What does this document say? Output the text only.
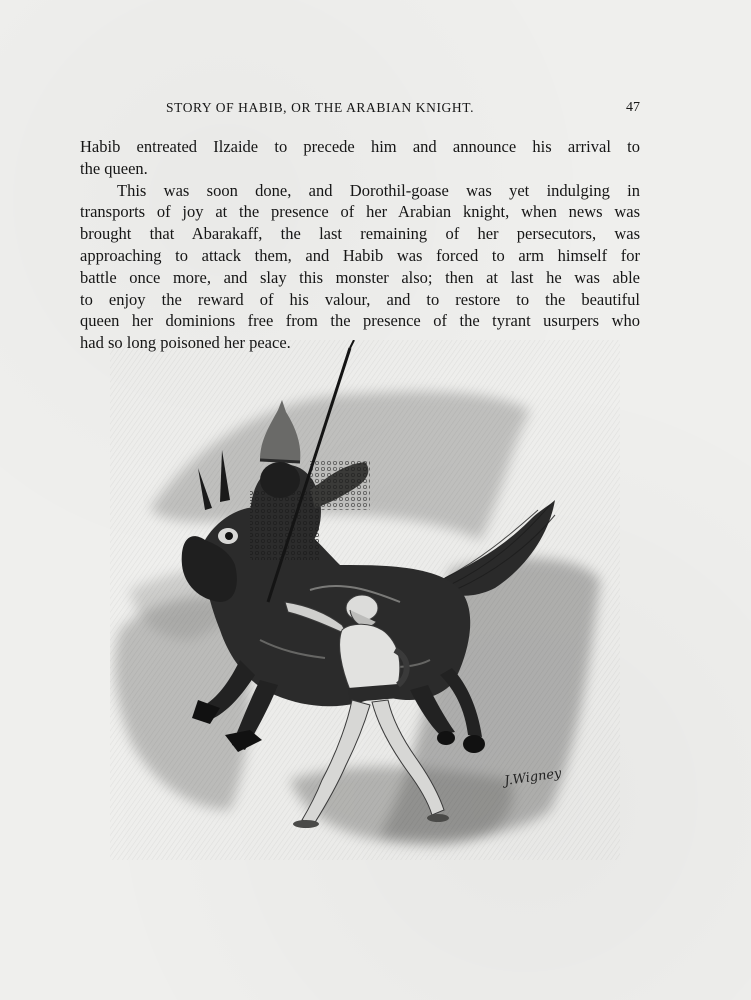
STORY OF HABIB, OR THE ARABIAN KNIGHT.	47
Habib entreated Ilzaide to precede him and announce his arrival to
the queen.
This was soon done, and Dorothil-goase was yet indulging in
transports of joy at the presence of her Arabian knight, when news was
brought that Abarakaff, the last remaining of her persecutors, was
approaching to attack them, and Habib was forced to arm himself for
battle once more, and slay this monster also; then at last he was able
to enjoy the reward of his valour, and to restore to the beautiful
queen her dominions free from the presence of the tyrant usurpers who
had so long poisoned her peace.
J.Wigney
